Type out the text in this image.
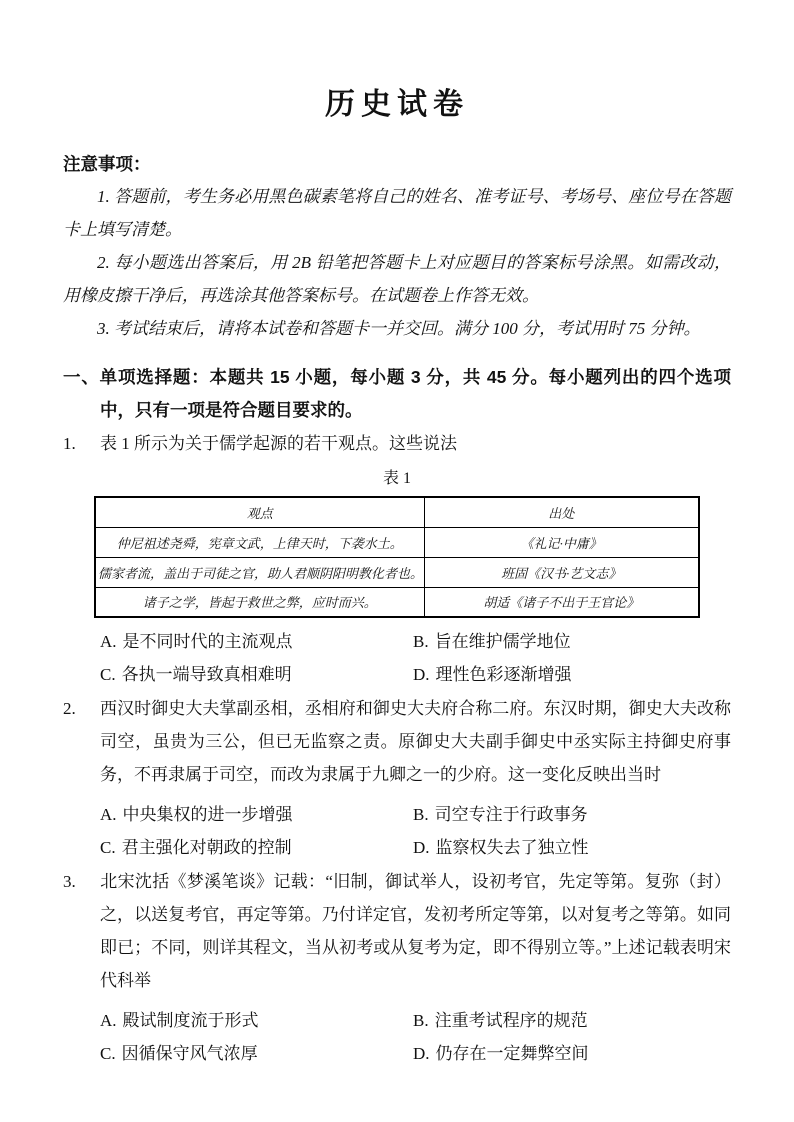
历史试卷
注意事项：

1. 答题前，考生务必用黑色碳素笔将自己的姓名、准考证号、考场号、座位号在答题卡上填写清楚。

2. 每小题选出答案后，用 2B 铅笔把答题卡上对应题目的答案标号涂黑。如需改动，用橡皮擦干净后，再选涂其他答案标号。在试题卷上作答无效。

3. 考试结束后，请将本试卷和答题卡一并交回。满分 100 分，考试用时 75 分钟。

一、单项选择题：本题共 15 小题，每小题 3 分，共 45 分。每小题列出的四个选项中，只有一项是符合题目要求的。

1. 表 1 所示为关于儒学起源的若干观点。这些说法

表 1
观点	出处
仲尼祖述尧舜，宪章文武，上律天时，下袭水土。	《礼记·中庸》
儒家者流，盖出于司徒之官，助人君顺阴阳明教化者也。	班固《汉书·艺文志》
诸子之学，皆起于救世之弊，应时而兴。	胡适《诸子不出于王官论》
A. 是不同时代的主流观点	B. 旨在维护儒学地位
C. 各执一端导致真相难明	D. 理性色彩逐渐增强

2. 西汉时御史大夫掌副丞相，丞相府和御史大夫府合称二府。东汉时期，御史大夫改称司空，虽贵为三公，但已无监察之责。原御史大夫副手御史中丞实际主持御史府事务，不再隶属于司空，而改为隶属于九卿之一的少府。这一变化反映出当时

A. 中央集权的进一步增强	B. 司空专注于行政事务
C. 君主强化对朝政的控制	D. 监察权失去了独立性

3. 北宋沈括《梦溪笔谈》记载：“旧制，御试举人，设初考官，先定等第。复弥（封）之，以送复考官，再定等第。乃付详定官，发初考所定等第，以对复考之等第。如同即已；不同，则详其程文，当从初考或从复考为定，即不得别立等。”上述记载表明宋代科举

A. 殿试制度流于形式	B. 注重考试程序的规范
C. 因循保守风气浓厚	D. 仍存在一定舞弊空间
